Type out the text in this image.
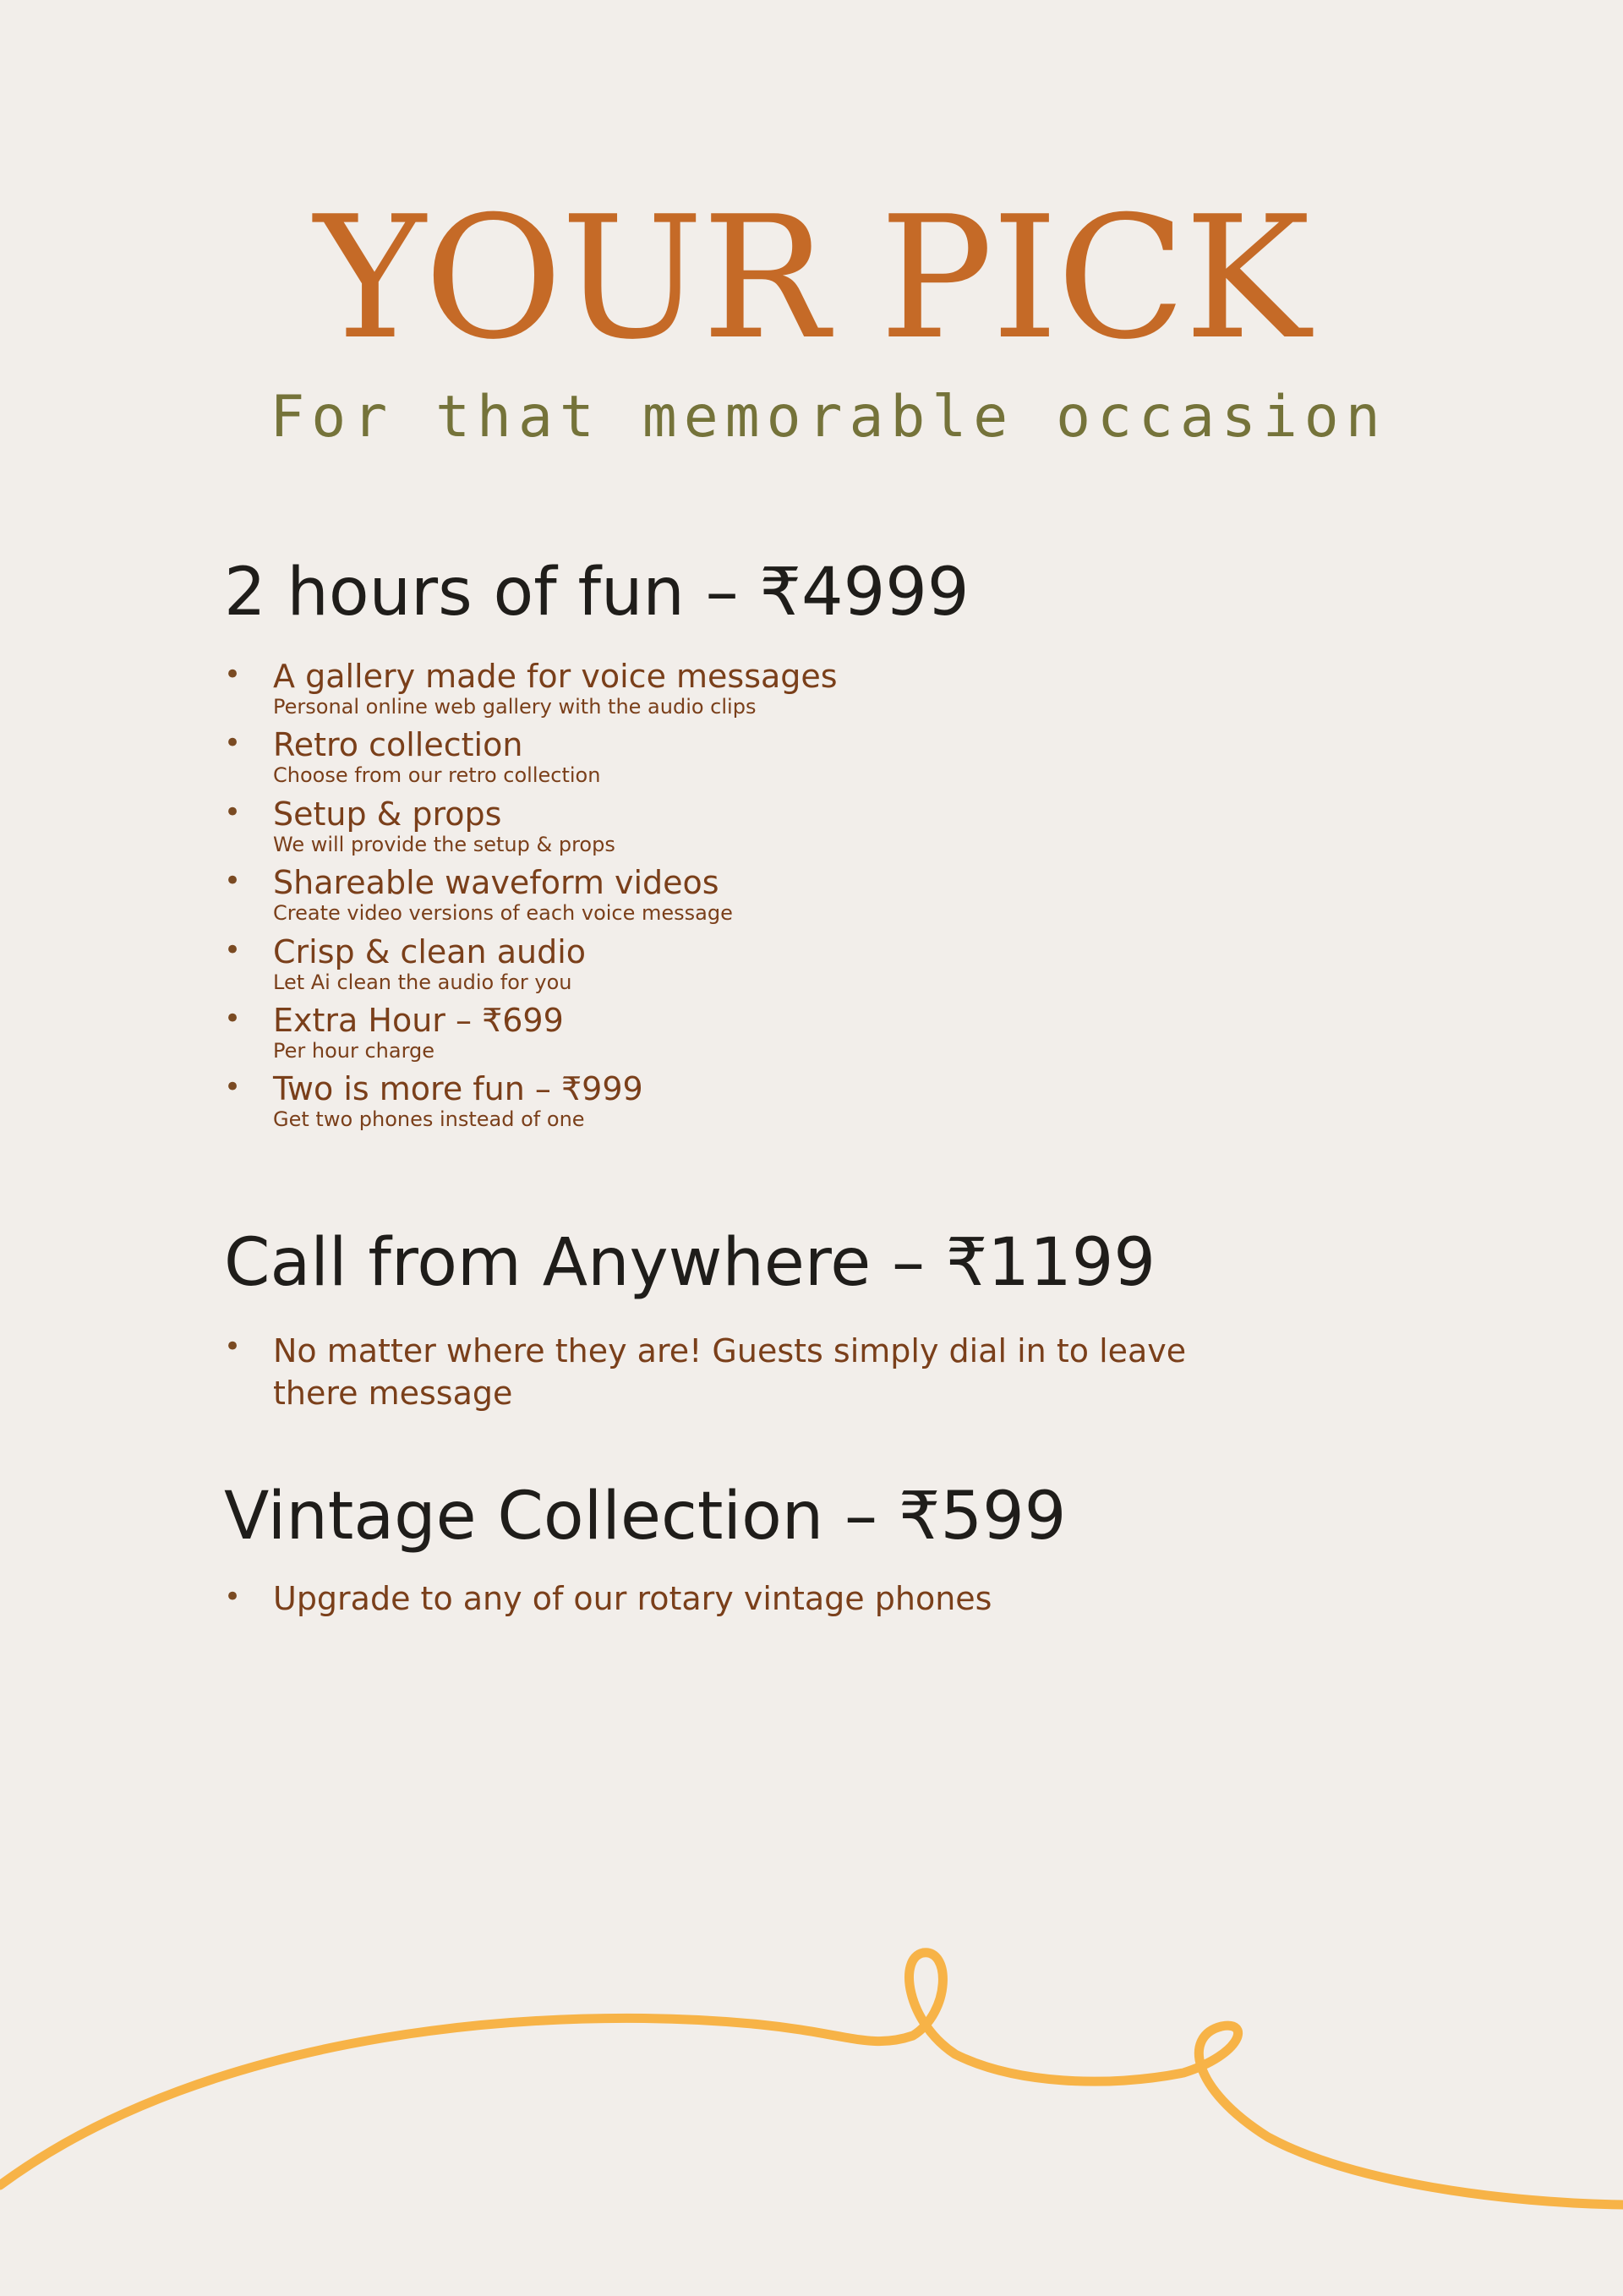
YOUR PICK

For that memorable occasion

2 hours of fun – ₹4999
• A gallery made for voice messages
Personal online web gallery with the audio clips
• Retro collection
Choose from our retro collection
• Setup & props
We will provide the setup & props
• Shareable waveform videos
Create video versions of each voice message
• Crisp & clean audio
Let Ai clean the audio for you
• Extra Hour – ₹699
Per hour charge
• Two is more fun – ₹999
Get two phones instead of one
Call from Anywhere – ₹1199
• No matter where they are! Guests simply dial in to leave there message
Vintage Collection – ₹599
• Upgrade to any of our rotary vintage phones
